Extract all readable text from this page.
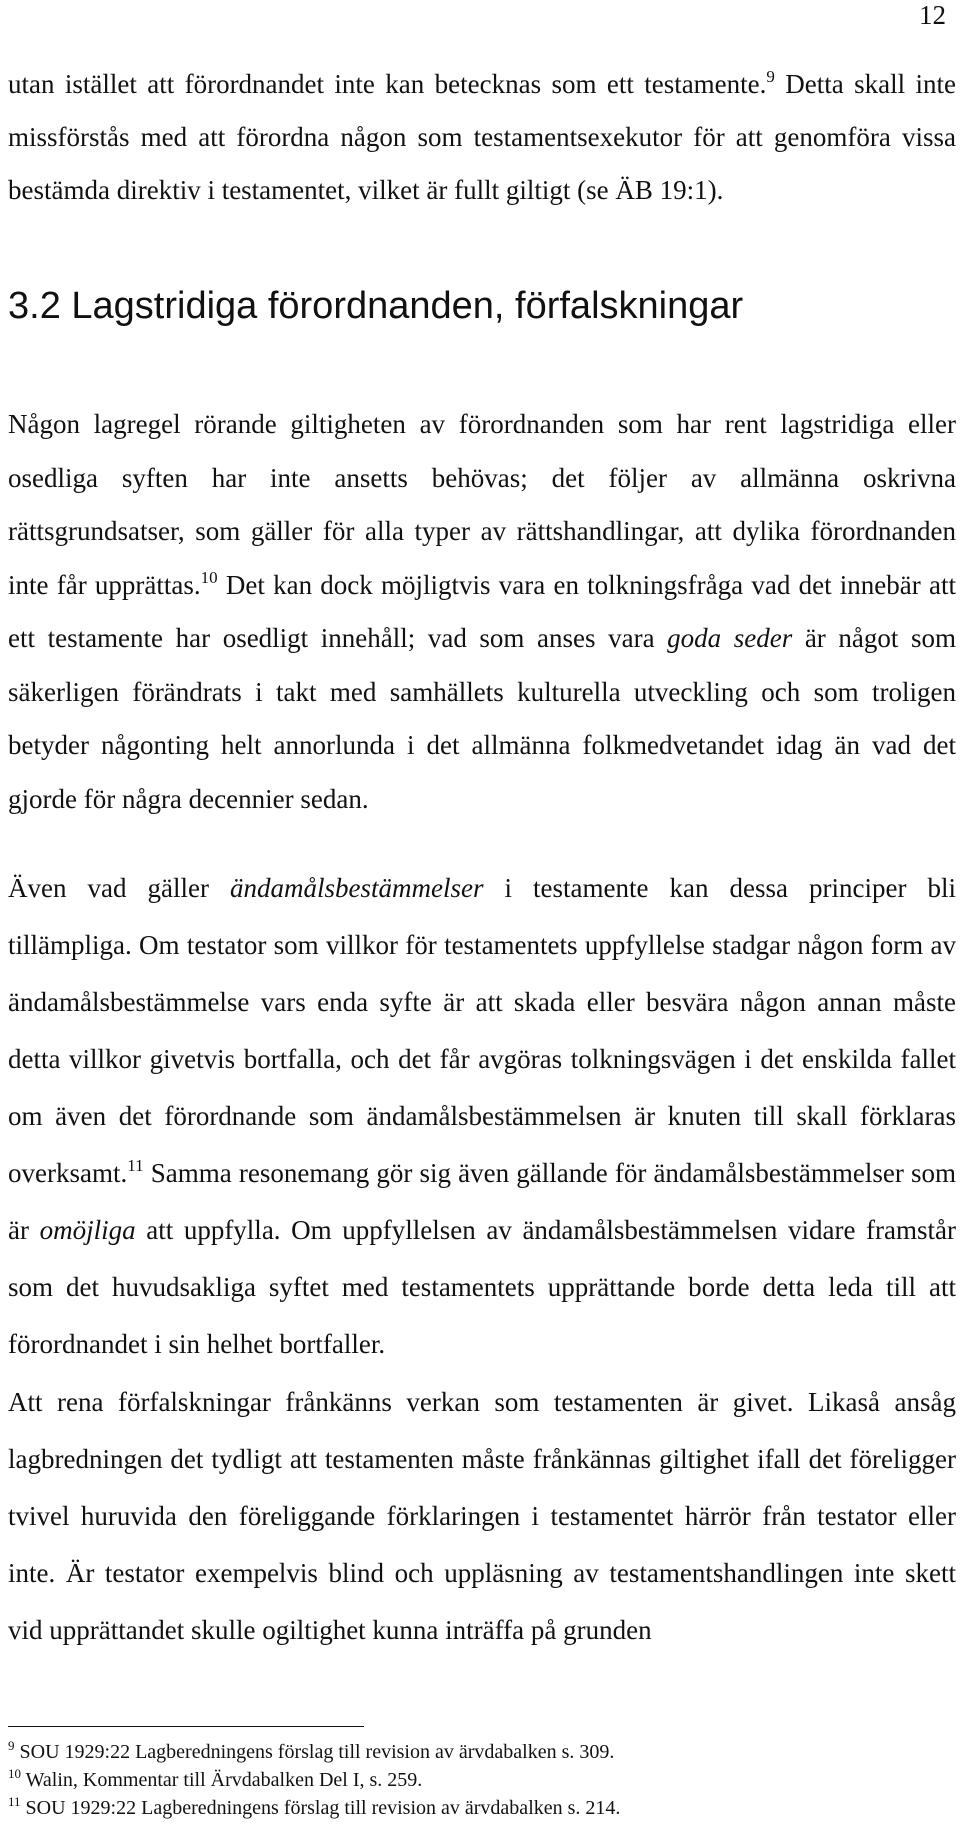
12

utan istället att förordnandet inte kan betecknas som ett testamente.$^9$ Detta skall inte missförstås med att förordna någon som testamentsexekutor för att genomföra vissa bestämda direktiv i testamentet, vilket är fullt giltigt (se ÄB 19:1).

3.2 Lagstridiga förordnanden, förfalskningar

Någon lagregel rörande giltigheten av förordnanden som har rent lagstridiga eller osedliga syften har inte ansetts behövas; det följer av allmänna oskrivna rättsgrundsatser, som gäller för alla typer av rättshandlingar, att dylika förordnanden inte får upprättas.$^{10}$ Det kan dock möjligtvis vara en tolkningsfråga vad det innebär att ett testamente har osedligt innehåll; vad som anses vara goda seder är något som säkerligen förändrats i takt med samhällets kulturella utveckling och som troligen betyder någonting helt annorlunda i det allmänna folkmedvetandet idag än vad det gjorde för några decennier sedan.

Även vad gäller ändamålsbestämmelser i testamente kan dessa principer bli tillämpliga. Om testator som villkor för testamentets uppfyllelse stadgar någon form av ändamålsbestämmelse vars enda syfte är att skada eller besvära någon annan måste detta villkor givetvis bortfalla, och det får avgöras tolkningsvägen i det enskilda fallet om även det förordnande som ändamålsbestämmelsen är knuten till skall förklaras overksamt.$^{11}$ Samma resonemang gör sig även gällande för ändamålsbestämmelser som är omöjliga att uppfylla. Om uppfyllelsen av ändamålsbestämmelsen vidare framstår som det huvudsakliga syftet med testamentets upprättande borde detta leda till att förordnandet i sin helhet bortfaller.

Att rena förfalskningar frånkänns verkan som testamenten är givet. Likaså ansåg lagbredningen det tydligt att testamenten måste frånkännas giltighet ifall det föreligger tvivel huruvida den föreliggande förklaringen i testamentet härrör från testator eller inte. Är testator exempelvis blind och uppläsning av testamentshandlingen inte skett vid upprättandet skulle ogiltighet kunna inträffa på grunden

$^9$ SOU 1929:22 Lagberedningens förslag till revision av ärvdabalken s. 309.
$^{10}$ Walin, Kommentar till Ärvdabalken Del I, s. 259.
$^{11}$ SOU 1929:22 Lagberedningens förslag till revision av ärvdabalken s. 214.
